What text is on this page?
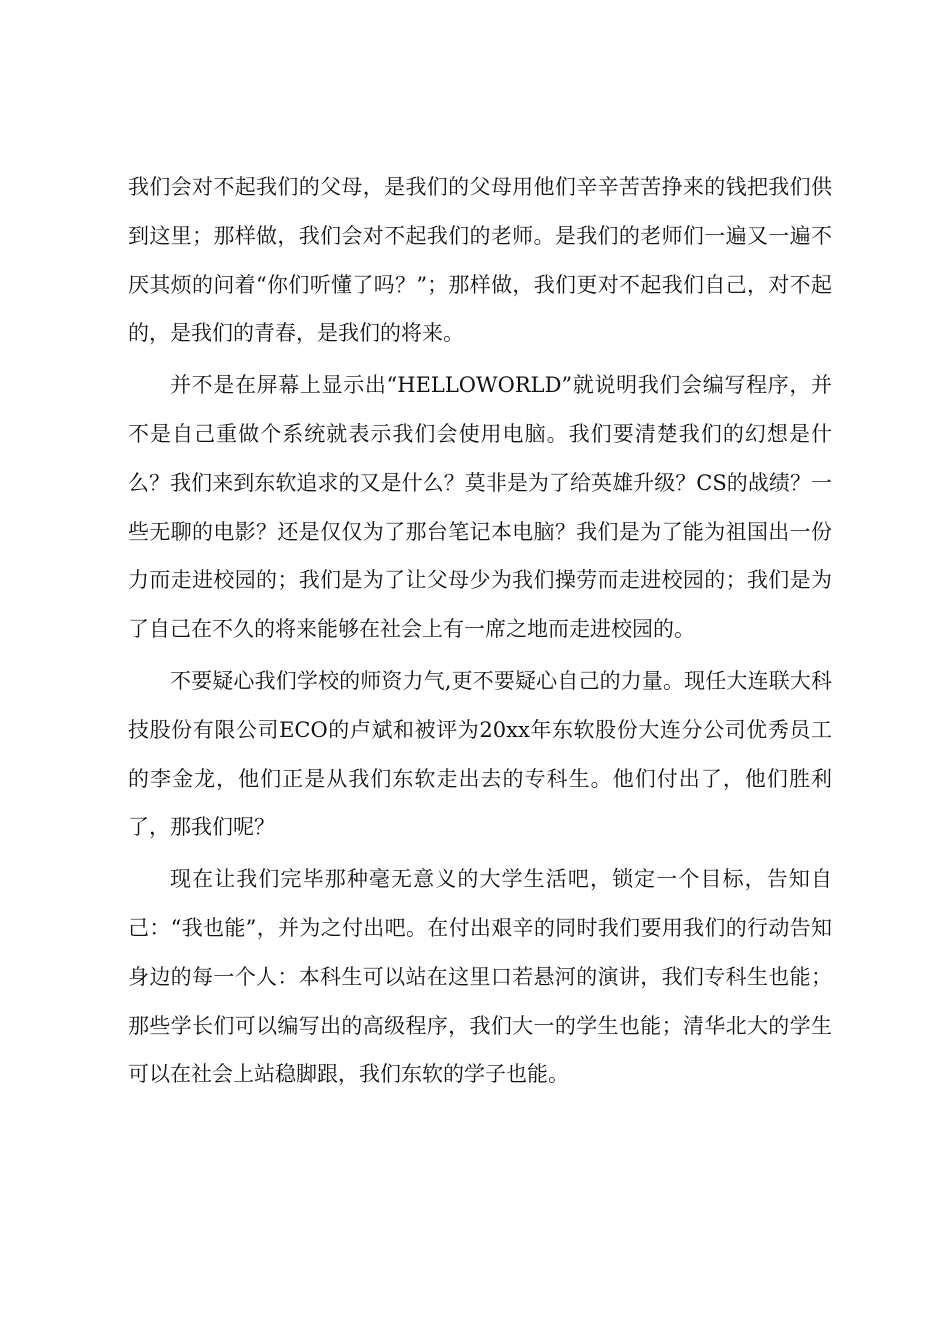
我们会对不起我们的父母，是我们的父母用他们辛辛苦苦挣来的钱把我们供到这里；那样做，我们会对不起我们的老师。是我们的老师们一遍又一遍不厌其烦的问着“你们听懂了吗？”；那样做，我们更对不起我们自己，对不起的，是我们的青春，是我们的将来。

并不是在屏幕上显示出“HELLOWORLD”就说明我们会编写程序，并不是自己重做个系统就表示我们会使用电脑。我们要清楚我们的幻想是什么？我们来到东软追求的又是什么？莫非是为了给英雄升级？CS的战绩？一些无聊的电影？还是仅仅为了那台笔记本电脑？我们是为了能为祖国出一份力而走进校园的；我们是为了让父母少为我们操劳而走进校园的；我们是为了自己在不久的将来能够在社会上有一席之地而走进校园的。

不要疑心我们学校的师资力气,更不要疑心自己的力量。现任大连联大科技股份有限公司ECO的卢斌和被评为20xx年东软股份大连分公司优秀员工的李金龙，他们正是从我们东软走出去的专科生。他们付出了，他们胜利了，那我们呢？

现在让我们完毕那种毫无意义的大学生活吧，锁定一个目标，告知自己：“我也能”，并为之付出吧。在付出艰辛的同时我们要用我们的行动告知身边的每一个人：本科生可以站在这里口若悬河的演讲，我们专科生也能；那些学长们可以编写出的高级程序，我们大一的学生也能；清华北大的学生可以在社会上站稳脚跟，我们东软的学子也能。
